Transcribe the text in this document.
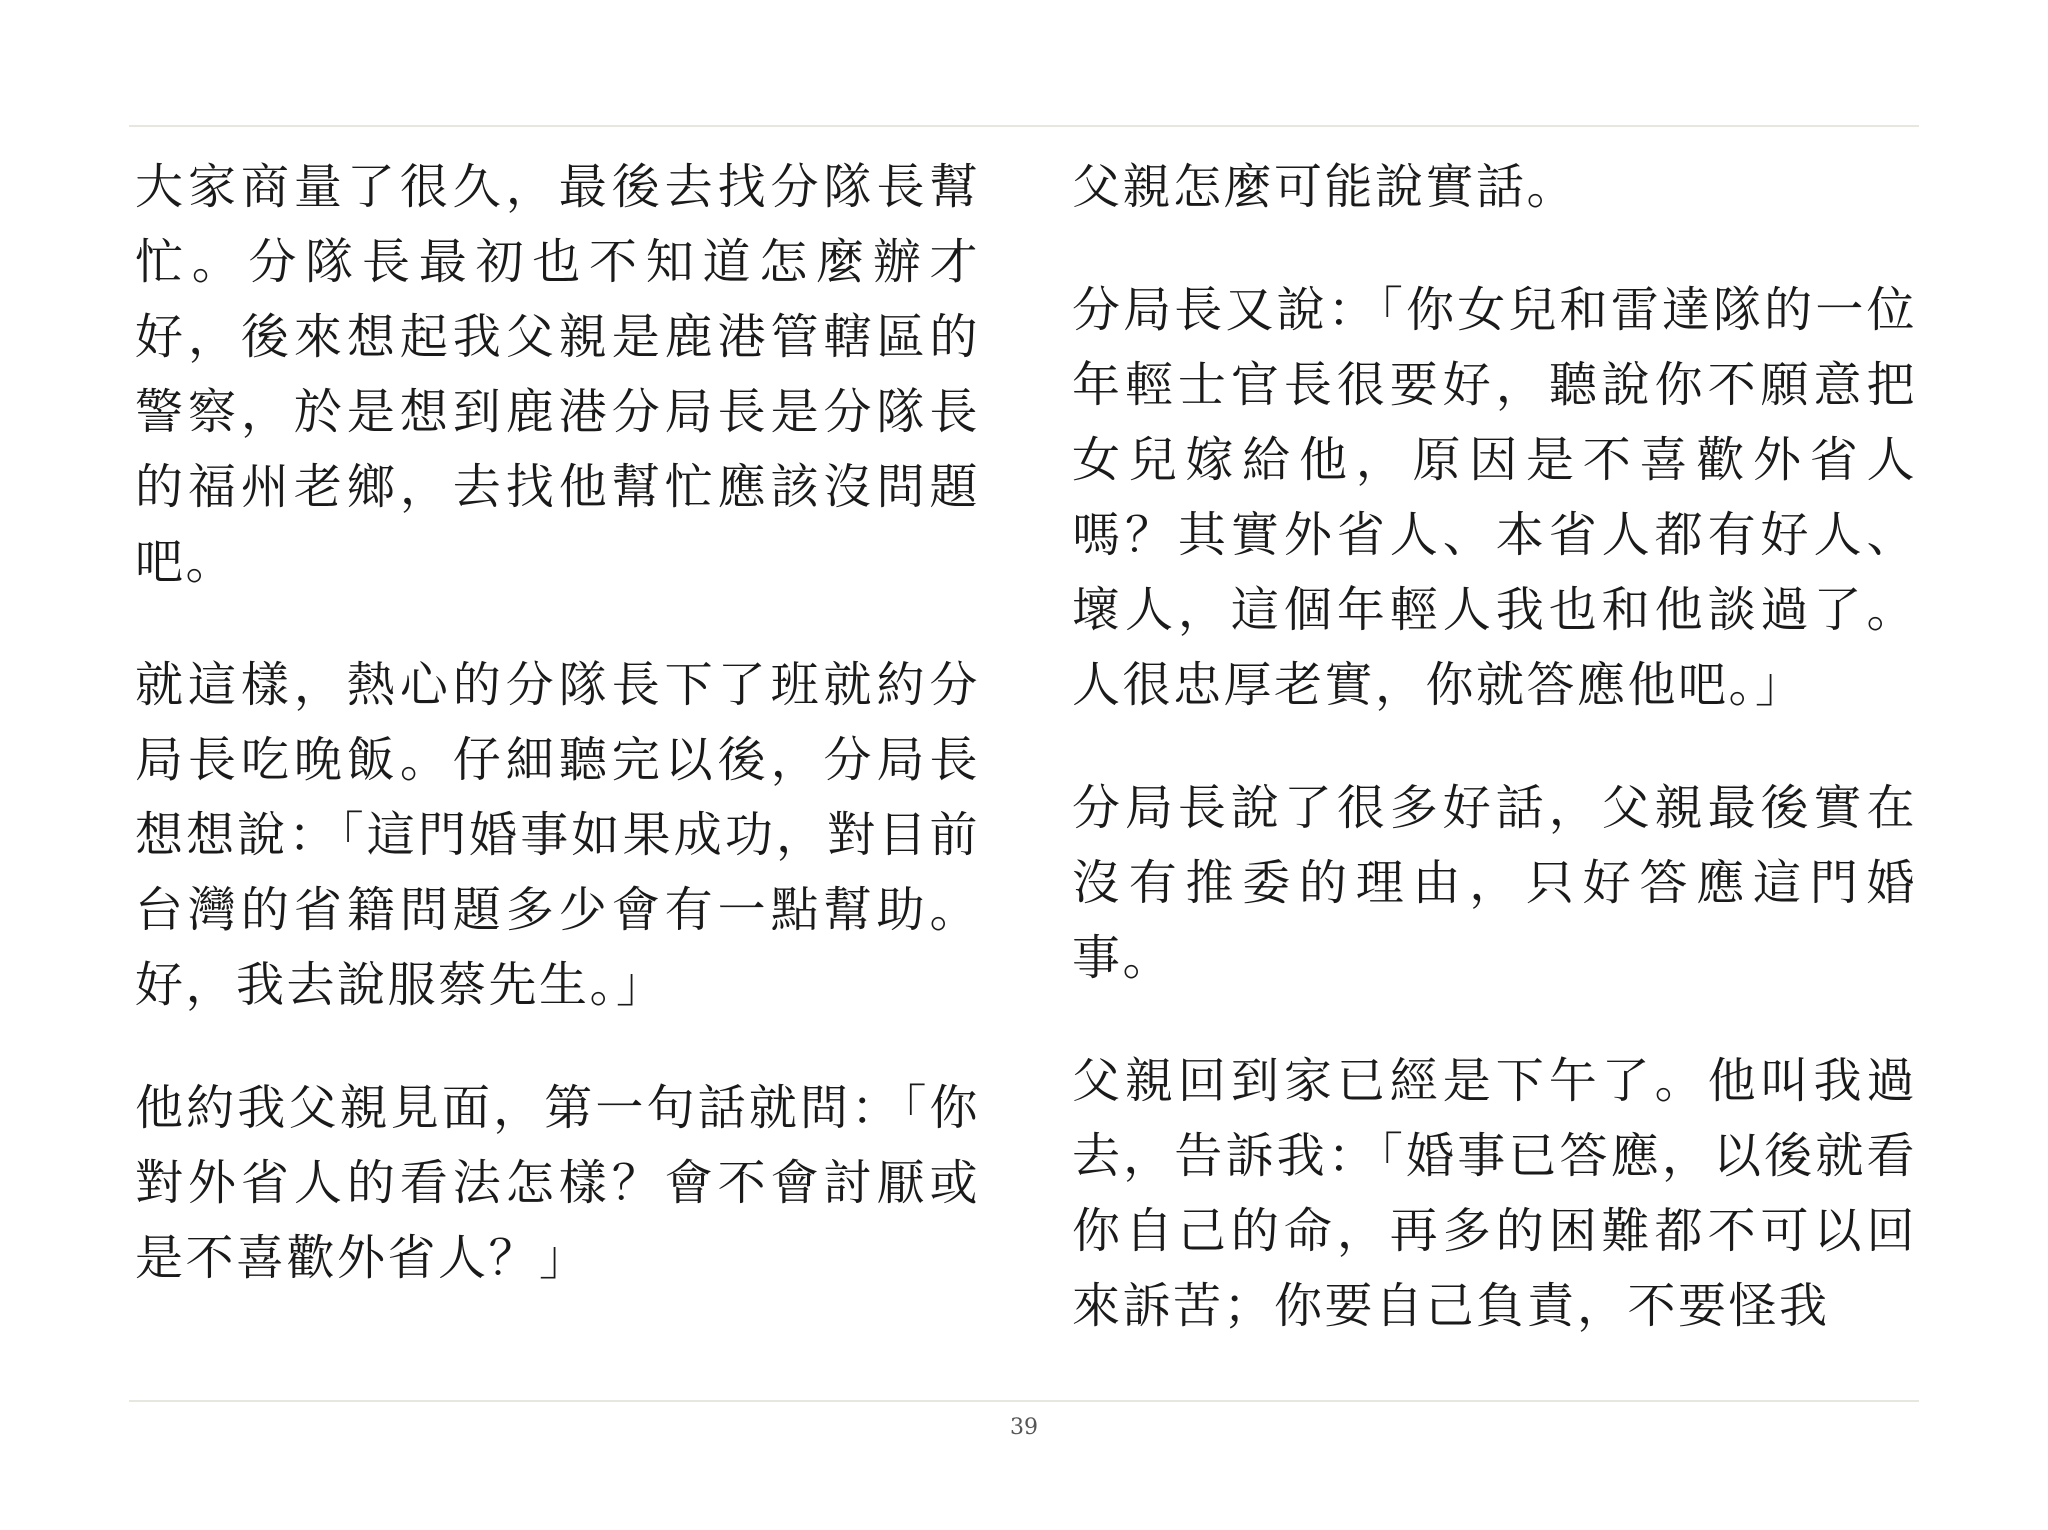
大家商量了很久，最後去找分隊長幫忙。分隊長最初也不知道怎麼辦才好，後來想起我父親是鹿港管轄區的警察，於是想到鹿港分局長是分隊長的福州老鄉，去找他幫忙應該沒問題吧。

就這樣，熱心的分隊長下了班就約分局長吃晚飯。仔細聽完以後，分局長想想說：「這門婚事如果成功，對目前台灣的省籍問題多少會有一點幫助。好，我去說服蔡先生。」

他約我父親見面，第一句話就問：「你對外省人的看法怎樣？會不會討厭或是不喜歡外省人？」

父親怎麼可能說實話。

分局長又說：「你女兒和雷達隊的一位年輕士官長很要好，聽說你不願意把女兒嫁給他，原因是不喜歡外省人嗎？其實外省人、本省人都有好人、壞人，這個年輕人我也和他談過了。人很忠厚老實，你就答應他吧。」

分局長說了很多好話，父親最後實在沒有推委的理由，只好答應這門婚事。

父親回到家已經是下午了。他叫我過去，告訴我：「婚事已答應，以後就看你自己的命，再多的困難都不可以回來訴苦；你要自己負責，不要怪我

39
